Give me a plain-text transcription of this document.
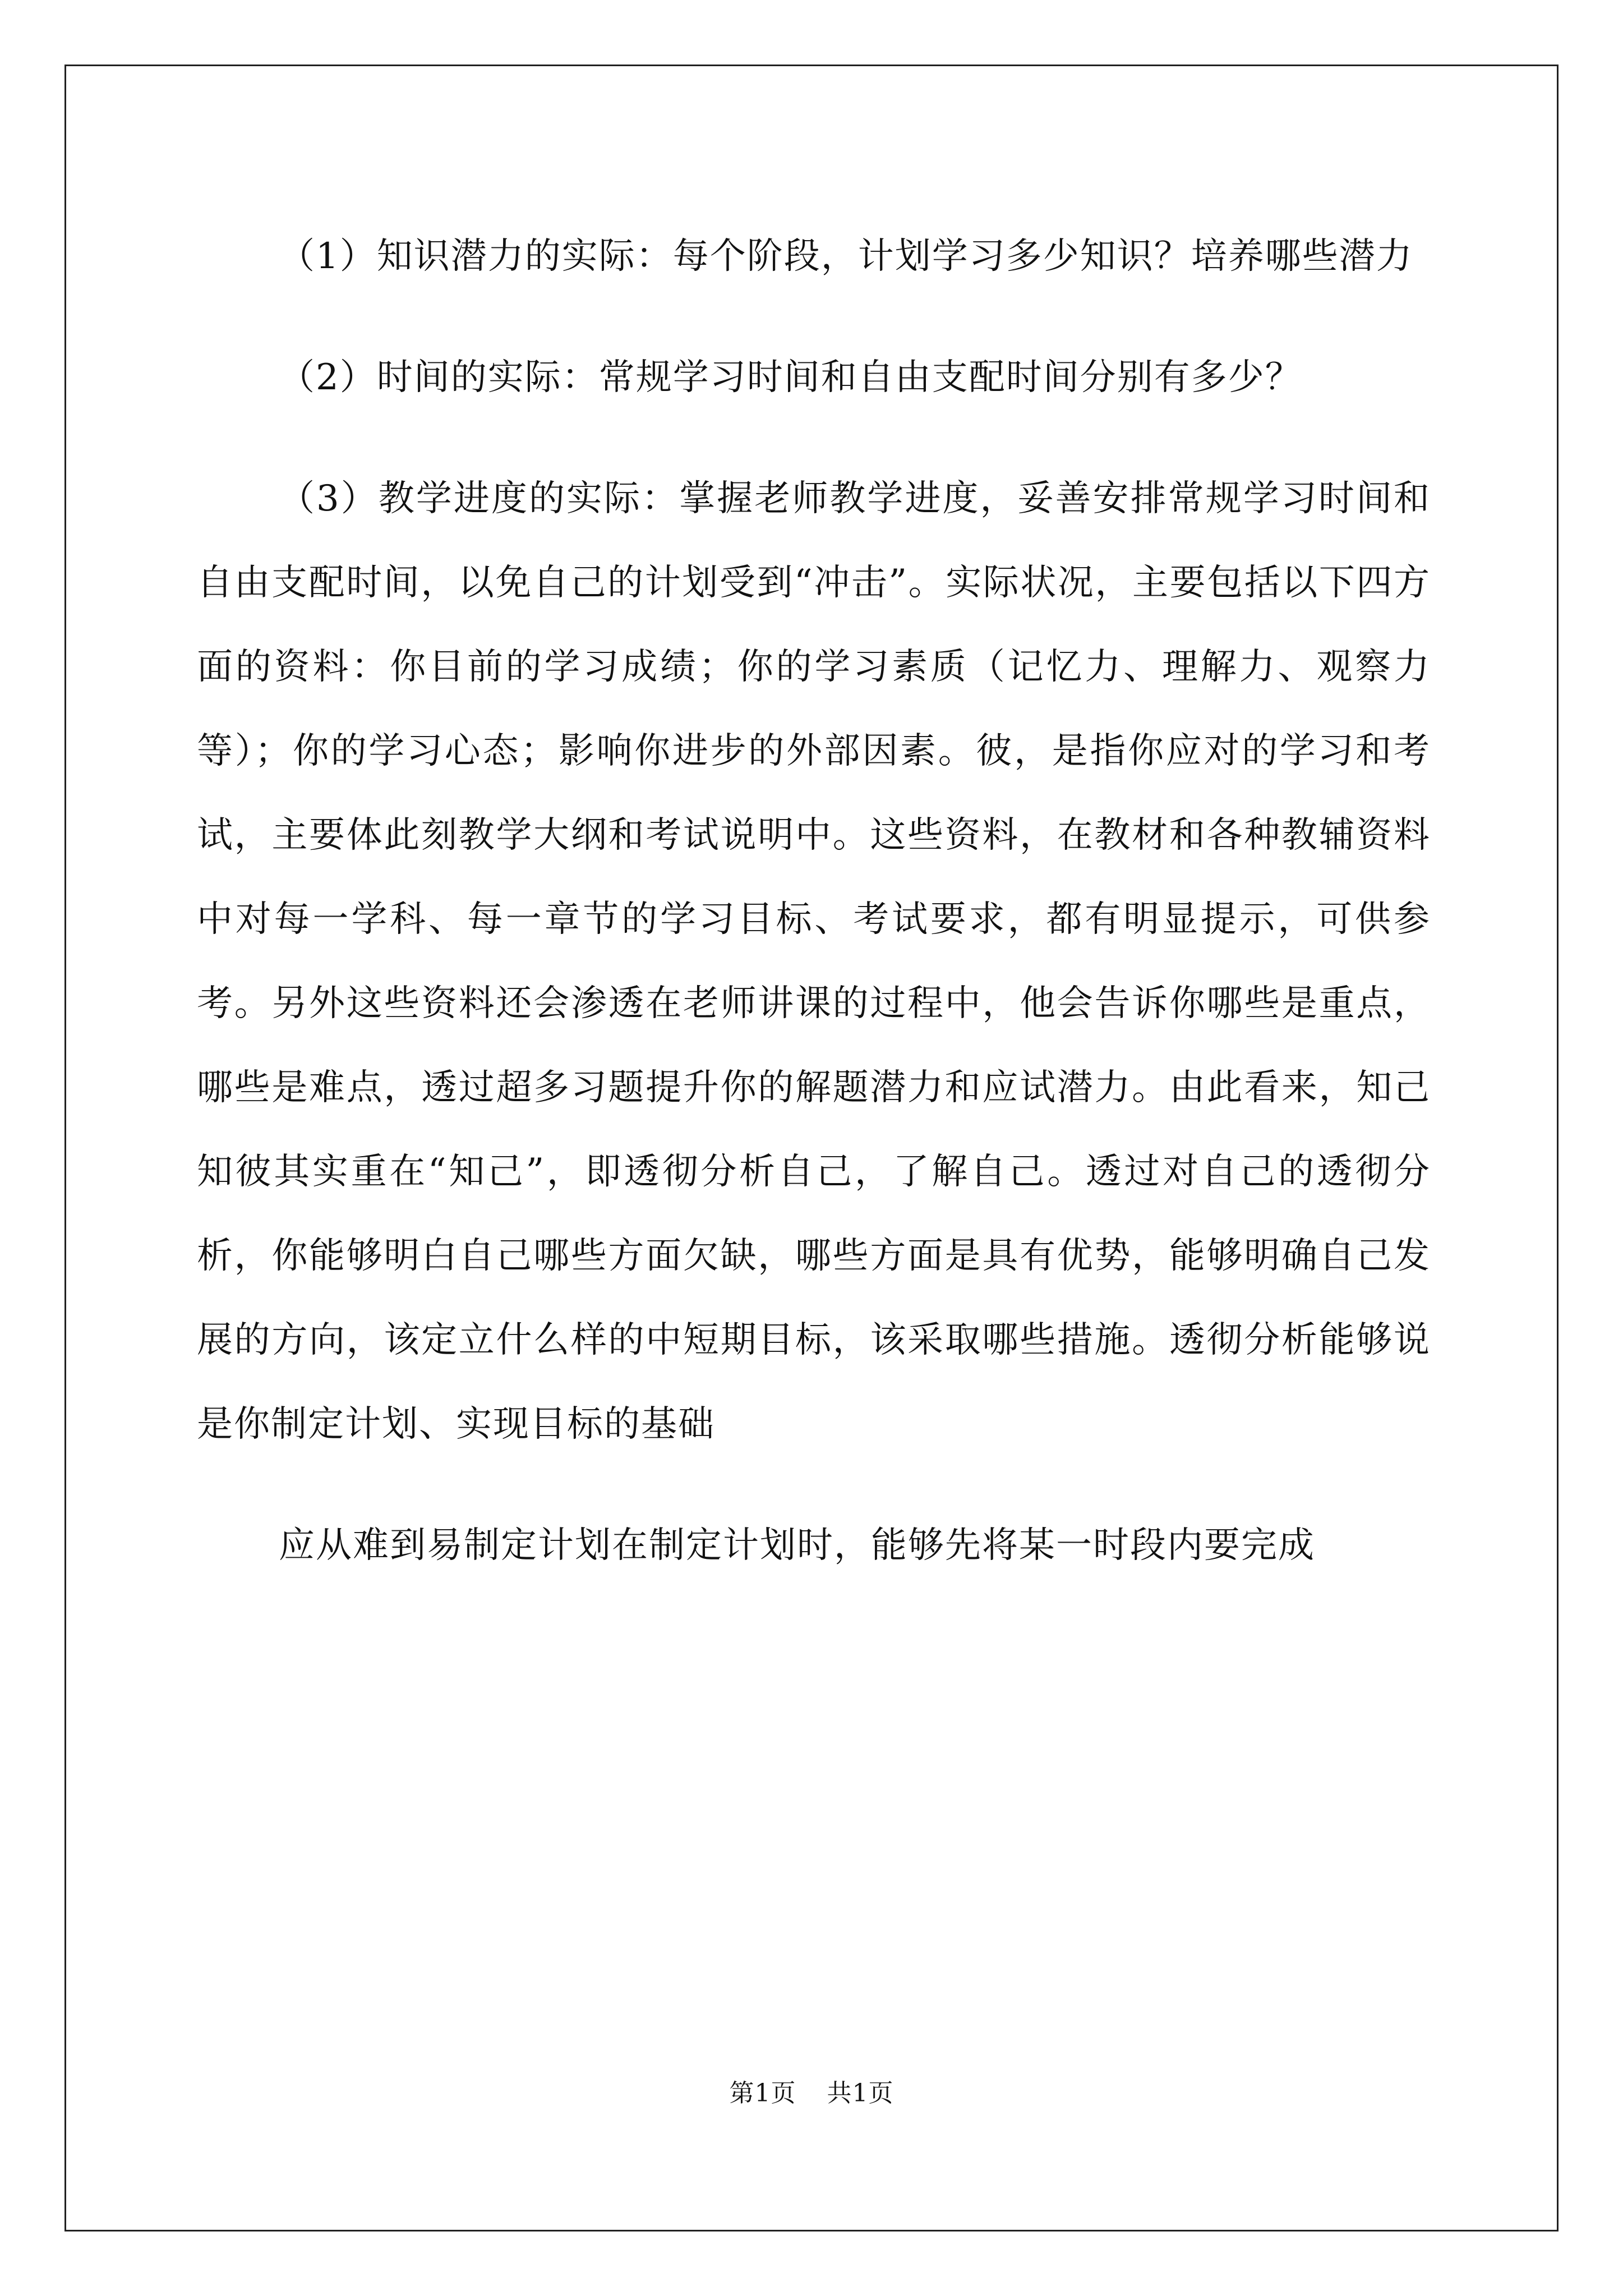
（1）知识潜力的实际：每个阶段，计划学习多少知识？培养哪些潜力

（2）时间的实际：常规学习时间和自由支配时间分别有多少？

（3）教学进度的实际：掌握老师教学进度，妥善安排常规学习时间和自由支配时间，以免自己的计划受到“冲击”。实际状况，主要包括以下四方面的资料：你目前的学习成绩；你的学习素质（记忆力、理解力、观察力等）；你的学习心态；影响你进步的外部因素。彼，是指你应对的学习和考试，主要体此刻教学大纲和考试说明中。这些资料，在教材和各种教辅资料中对每一学科、每一章节的学习目标、考试要求，都有明显提示，可供参考。另外这些资料还会渗透在老师讲课的过程中，他会告诉你哪些是重点，哪些是难点，透过超多习题提升你的解题潜力和应试潜力。由此看来，知己知彼其实重在“知己”，即透彻分析自己，了解自己。透过对自己的透彻分析，你能够明白自己哪些方面欠缺，哪些方面是具有优势，能够明确自己发展的方向，该定立什么样的中短期目标，该采取哪些措施。透彻分析能够说是你制定计划、实现目标的基础

应从难到易制定计划在制定计划时，能够先将某一时段内要完成

第1页 共1页
